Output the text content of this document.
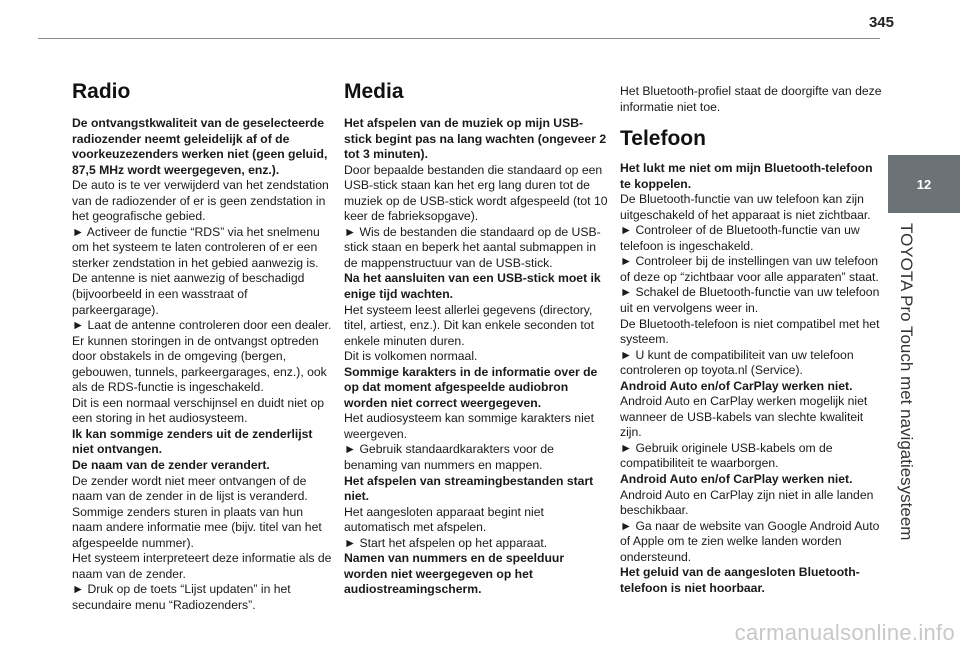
345
12
TOYOTA Pro Touch met navigatiesysteem
Radio
De ontvangstkwaliteit van de geselecteerde radiozender neemt geleidelijk af of de voorkeuzezenders werken niet (geen geluid, 87,5 MHz wordt weergegeven, enz.).
De auto is te ver verwijderd van het zendstation van de radiozender of er is geen zendstation in het geografische gebied.
► Activeer de functie “RDS” via het snelmenu om het systeem te laten controleren of er een sterker zendstation in het gebied aanwezig is.
De antenne is niet aanwezig of beschadigd (bijvoorbeeld in een wasstraat of parkeergarage).
► Laat de antenne controleren door een dealer.
Er kunnen storingen in de ontvangst optreden door obstakels in de omgeving (bergen, gebouwen, tunnels, parkeergarages, enz.), ook als de RDS-functie is ingeschakeld.
Dit is een normaal verschijnsel en duidt niet op een storing in het audiosysteem.
Ik kan sommige zenders uit de zenderlijst niet ontvangen.
De naam van de zender verandert.
De zender wordt niet meer ontvangen of de naam van de zender in de lijst is veranderd.
Sommige zenders sturen in plaats van hun naam andere informatie mee (bijv. titel van het afgespeelde nummer).
Het systeem interpreteert deze informatie als de naam van de zender.
► Druk op de toets “Lijst updaten” in het secundaire menu “Radiozenders”.
Media
Het afspelen van de muziek op mijn USB-stick begint pas na lang wachten (ongeveer 2 tot 3 minuten).
Door bepaalde bestanden die standaard op een USB-stick staan kan het erg lang duren tot de muziek op de USB-stick wordt afgespeeld (tot 10 keer de fabrieksopgave).
► Wis de bestanden die standaard op de USB-stick staan en beperk het aantal submappen in de mappenstructuur van de USB-stick.
Na het aansluiten van een USB-stick moet ik enige tijd wachten.
Het systeem leest allerlei gegevens (directory, titel, artiest, enz.). Dit kan enkele seconden tot enkele minuten duren.
Dit is volkomen normaal.
Sommige karakters in de informatie over de op dat moment afgespeelde audiobron worden niet correct weergegeven.
Het audiosysteem kan sommige karakters niet weergeven.
► Gebruik standaardkarakters voor de benaming van nummers en mappen.
Het afspelen van streamingbestanden start niet.
Het aangesloten apparaat begint niet automatisch met afspelen.
► Start het afspelen op het apparaat.
Namen van nummers en de speelduur worden niet weergegeven op het audiostreamingscherm.
Het Bluetooth-profiel staat de doorgifte van deze informatie niet toe.
Telefoon
Het lukt me niet om mijn Bluetooth-telefoon te koppelen.
De Bluetooth-functie van uw telefoon kan zijn uitgeschakeld of het apparaat is niet zichtbaar.
► Controleer of de Bluetooth-functie van uw telefoon is ingeschakeld.
► Controleer bij de instellingen van uw telefoon of deze op “zichtbaar voor alle apparaten” staat.
► Schakel de Bluetooth-functie van uw telefoon uit en vervolgens weer in.
De Bluetooth-telefoon is niet compatibel met het systeem.
► U kunt de compatibiliteit van uw telefoon controleren op toyota.nl (Service).
Android Auto en/of CarPlay werken niet.
Android Auto en CarPlay werken mogelijk niet wanneer de USB-kabels van slechte kwaliteit zijn.
► Gebruik originele USB-kabels om de compatibiliteit te waarborgen.
Android Auto en/of CarPlay werken niet.
Android Auto en CarPlay zijn niet in alle landen beschikbaar.
► Ga naar de website van Google Android Auto of Apple om te zien welke landen worden ondersteund.
Het geluid van de aangesloten Bluetooth-telefoon is niet hoorbaar.
carmanualsonline.info
